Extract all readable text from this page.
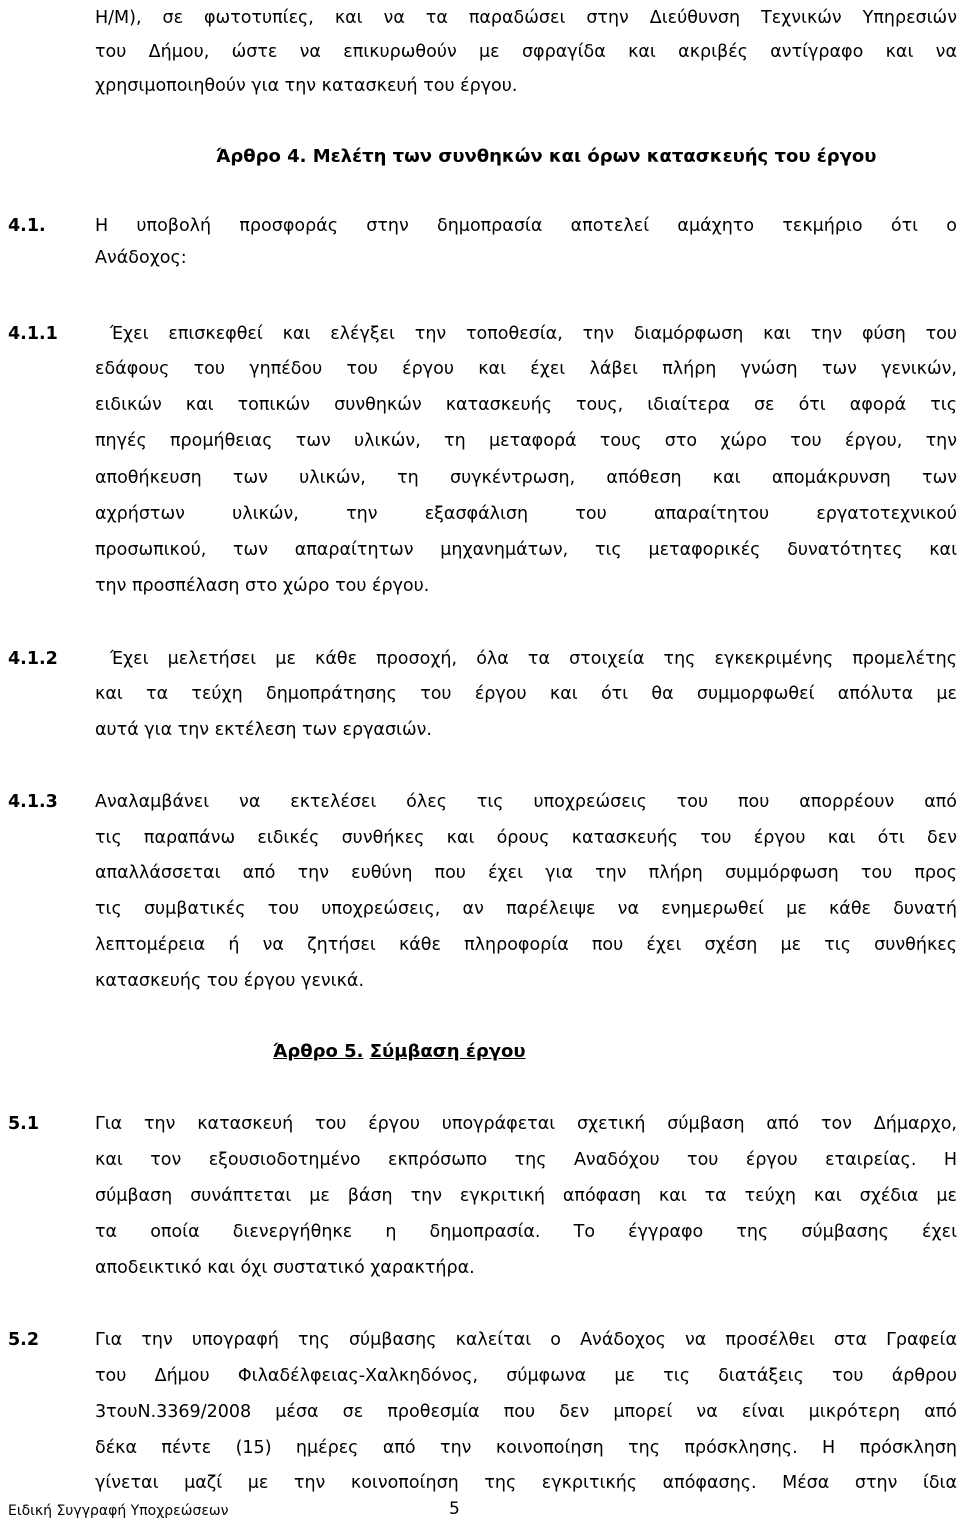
Η/Μ), σε φωτοτυπίες, και να τα παραδώσει στην Διεύθυνση Τεχνικών Υπηρεσιών
του Δήμου, ώστε να επικυρωθούν με σφραγίδα και ακριβές αντίγραφο και να
χρησιμοποιηθούν για την κατασκευή του έργου.
Άρθρο 4. Μελέτη των συνθηκών και όρων κατασκευής του έργου
4.1.	Η υποβολή προσφοράς στην δημοπρασία αποτελεί αμάχητο τεκμήριο ότι ο
Ανάδοχος:
4.1.1	Έχει επισκεφθεί και ελέγξει την τοποθεσία, την διαμόρφωση και την φύση του
εδάφους του γηπέδου του έργου και έχει λάβει πλήρη γνώση των γενικών,
ειδικών και τοπικών συνθηκών κατασκευής τους, ιδιαίτερα σε ότι αφορά τις
πηγές προμήθειας των υλικών, τη μεταφορά τους στο χώρο του έργου, την
αποθήκευση των υλικών, τη συγκέντρωση, απόθεση και απομάκρυνση των
αχρήστων υλικών, την εξασφάλιση του απαραίτητου εργατοτεχνικού
προσωπικού, των απαραίτητων μηχανημάτων, τις μεταφορικές δυνατότητες και
την προσπέλαση στο χώρο του έργου.
4.1.2	Έχει μελετήσει με κάθε προσοχή, όλα τα στοιχεία της εγκεκριμένης προμελέτης
και τα τεύχη δημοπράτησης του έργου και ότι θα συμμορφωθεί απόλυτα με
αυτά για την εκτέλεση των εργασιών.
4.1.3 Αναλαμβάνει να εκτελέσει όλες τις υποχρεώσεις του που απορρέουν από
τις παραπάνω ειδικές συνθήκες και όρους κατασκευής του έργου και ότι δεν
απαλλάσσεται από την ευθύνη που έχει για την πλήρη συμμόρφωση του προς
τις συμβατικές του υποχρεώσεις, αν παρέλειψε να ενημερωθεί με κάθε δυνατή
λεπτομέρεια ή να ζητήσει κάθε πληροφορία που έχει σχέση με τις συνθήκες
κατασκευής του έργου γενικά.
Άρθρο 5. Σύμβαση έργου
5.1	Για την κατασκευή του έργου υπογράφεται σχετική σύμβαση από τον Δήμαρχο,
και τον εξουσιοδοτημένο εκπρόσωπο της Αναδόχου του έργου εταιρείας. Η
σύμβαση συνάπτεται με βάση την εγκριτική απόφαση και τα τεύχη και σχέδια με
τα οποία διενεργήθηκε η δημοπρασία. Το έγγραφο της σύμβασης έχει
αποδεικτικό και όχι συστατικό χαρακτήρα.
5.2	Για την υπογραφή της σύμβασης καλείται ο Ανάδοχος να προσέλθει στα Γραφεία
του Δήμου Φιλαδέλφειας-Χαλκηδόνος, σύμφωνα με τις διατάξεις του άρθρου
3τουΝ.3369/2008 μέσα σε προθεσμία που δεν μπορεί να είναι μικρότερη από
δέκα πέντε (15) ημέρες από την κοινοποίηση της πρόσκλησης. Η πρόσκληση
γίνεται μαζί με την κοινοποίηση της εγκριτικής απόφασης. Μέσα στην ίδια
Ειδική Συγγραφή Υποχρεώσεων	5
